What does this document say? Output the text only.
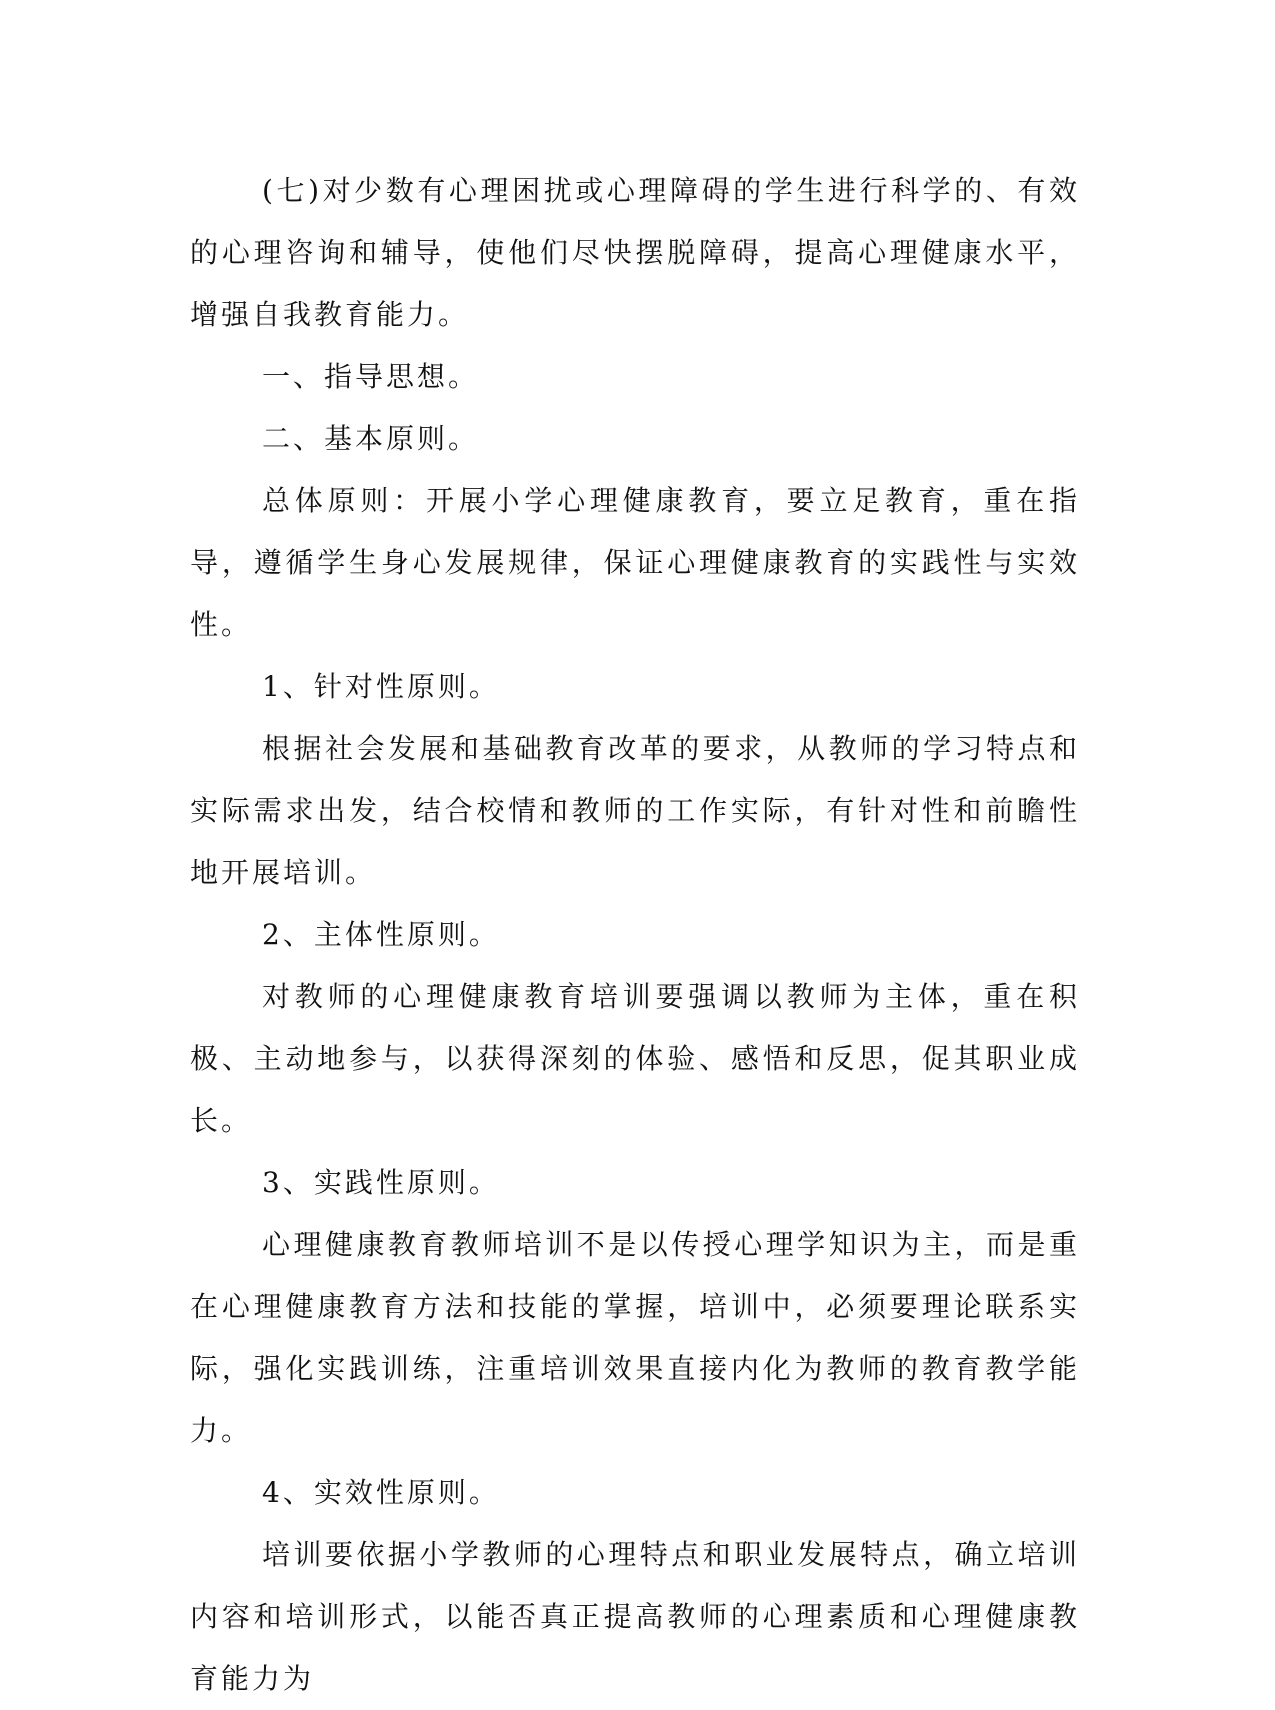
(七)对少数有心理困扰或心理障碍的学生进行科学的、有效的心理咨询和辅导，使他们尽快摆脱障碍，提高心理健康水平，增强自我教育能力。

一、指导思想。

二、基本原则。

总体原则：开展小学心理健康教育，要立足教育，重在指导，遵循学生身心发展规律，保证心理健康教育的实践性与实效性。

1、针对性原则。

根据社会发展和基础教育改革的要求，从教师的学习特点和实际需求出发，结合校情和教师的工作实际，有针对性和前瞻性地开展培训。

2、主体性原则。

对教师的心理健康教育培训要强调以教师为主体，重在积极、主动地参与，以获得深刻的体验、感悟和反思，促其职业成长。

3、实践性原则。

心理健康教育教师培训不是以传授心理学知识为主，而是重在心理健康教育方法和技能的掌握，培训中，必须要理论联系实际，强化实践训练，注重培训效果直接内化为教师的教育教学能力。

4、实效性原则。

培训要依据小学教师的心理特点和职业发展特点，确立培训内容和培训形式，以能否真正提高教师的心理素质和心理健康教育能力为
